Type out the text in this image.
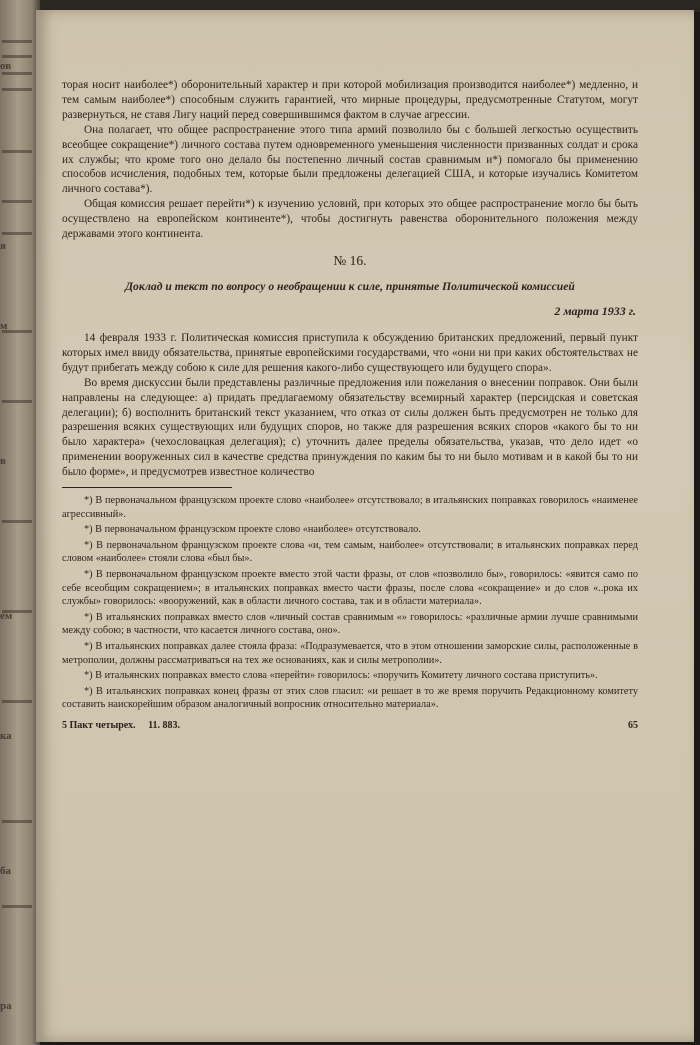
ов
я
м
в
ем
ка
ба
ра

торая носит наиболее*) оборонительный характер и при которой мобилизация производится наиболее*) медленно, и тем самым наиболее*) способным служить гарантией, что мирные процедуры, предусмотренные Статутом, могут развернуться, не ставя Лигу наций перед совершившимся фактом в случае агрессии.

Она полагает, что общее распространение этого типа армий позволило бы с большей легкостью осуществить всеобщее сокращение*) личного состава путем одновременного уменьшения численности призванных солдат и срока их службы; что кроме того оно делало бы постепенно личный состав сравнимым и*) помогало бы применению способов исчисления, подобных тем, которые были предложены делегацией США, и которые изучались Комитетом личного состава*).

Общая комиссия решает перейти*) к изучению условий, при которых это общее распространение могло бы быть осуществлено на европейском континенте*), чтобы достигнуть равенства оборонительного положения между державами этого континента.

№ 16.
Доклад и текст по вопросу о необращении к силе, принятые Политической комиссией
2 марта 1933 г.

14 февраля 1933 г. Политическая комиссия приступила к обсуждению британских предложений, первый пункт которых имел ввиду обязательства, принятые европейскими государствами, что «они ни при каких обстоятельствах не будут прибегать между собою к силе для решения какого-либо существующего или будущего спора».

Во время дискуссии были представлены различные предложения или пожелания о внесении поправок. Они были направлены на следующее: а) придать предлагаемому обязательству всемирный характер (персидская и советская делегации); б) восполнить британский текст указанием, что отказ от силы должен быть предусмотрен не только для разрешения всяких существующих или будущих споров, но также для разрешения всяких споров «какого бы то ни было характера» (чехословацкая делегация); с) уточнить далее пределы обязательства, указав, что дело идет «о применении вооруженных сил в качестве средства принуждения по каким бы то ни было мотивам и в какой бы то ни было форме», и предусмотрев известное количество

*) В первоначальном французском проекте слово «наиболее» отсутствовало; в итальянских поправках говорилось «наименее агрессивный».

*) В первоначальном французском проекте слово «наиболее» отсутствовало.

*) В первоначальном французском проекте слова «и, тем самым, наиболее» отсутствовали; в итальянских поправках перед словом «наиболее» стояли слова «был бы».

*) В первоначальном французском проекте вместо этой части фразы, от слов «позволило бы», говорилось: «явится само по себе всеобщим сокращением»; в итальянских поправках вместо части фразы, после слова «сокращение» и до слов «..рока их службы» говорилось: «вооружений, как в области личного состава, так и в области материала».

*) В итальянских поправках вместо слов «личный состав сравнимым «» говорилось: «различные армии лучше сравнимыми между собою; в частности, что касается личного состава, оно».

*) В итальянских поправках далее стояла фраза: «Подразумевается, что в этом отношении заморские силы, расположенные в метрополии, должны рассматриваться на тех же основаниях, как и силы метрополии».

*) В итальянских поправках вместо слова «перейти» говорилось: «поручить Комитету личного состава приступить».

*) В итальянских поправках конец фразы от этих слов гласил: «и решает в то же время поручить Редакционному комитету составить наискорейшим образом аналогичный вопросник относительно материала».

5 Пакт четырех. 11. 883.	65
